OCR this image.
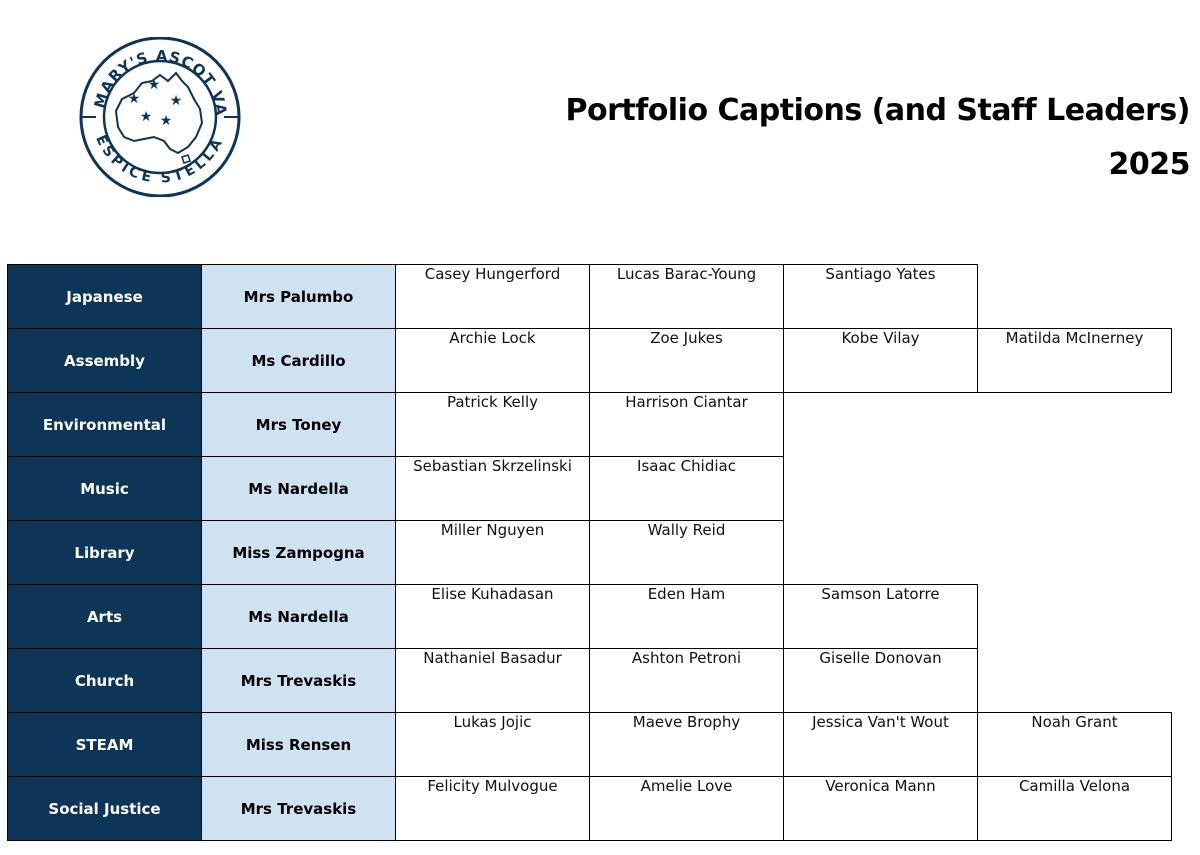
MARY'S ASCOT VA
ESPICE STELLA
★
★
★
★ ★	Portfolio Captions (and Staff Leaders)
2025
Japanese	Mrs Palumbo	Casey Hungerford	Lucas Barac-Young	Santiago Yates	
Assembly	Ms Cardillo	Archie Lock	Zoe Jukes	Kobe Vilay	Matilda McInerney
Environmental	Mrs Toney	Patrick Kelly	Harrison Ciantar		
Music	Ms Nardella	Sebastian Skrzelinski	Isaac Chidiac		
Library	Miss Zampogna	Miller Nguyen	Wally Reid		
Arts	Ms Nardella	Elise Kuhadasan	Eden Ham	Samson Latorre	
Church	Mrs Trevaskis	Nathaniel Basadur	Ashton Petroni	Giselle Donovan	
STEAM	Miss Rensen	Lukas Jojic	Maeve Brophy	Jessica Van't Wout	Noah Grant
Social Justice	Mrs Trevaskis	Felicity Mulvogue	Amelie Love	Veronica Mann	Camilla Velona
